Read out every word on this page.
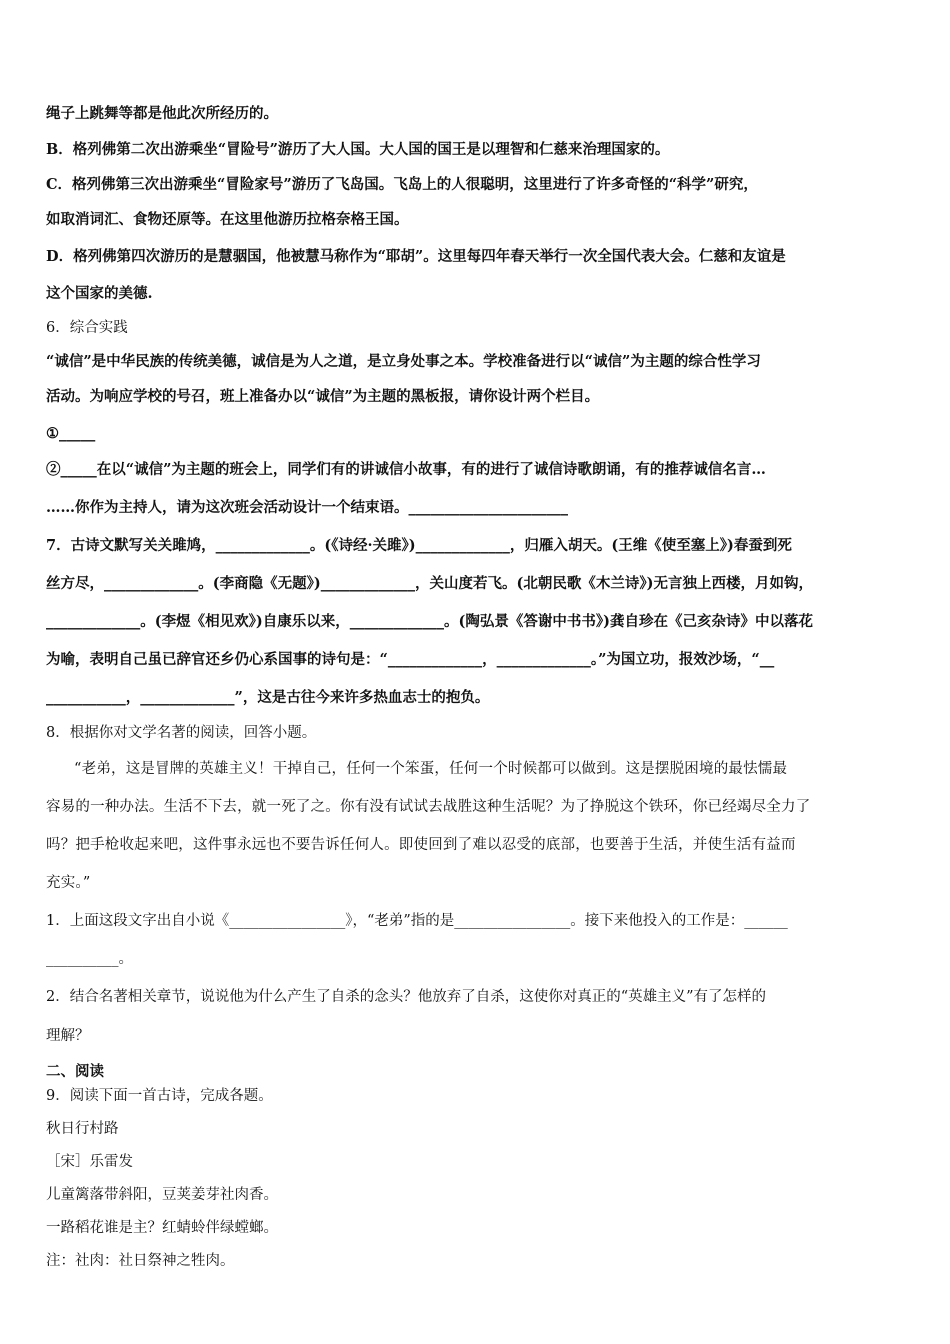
绳子上跳舞等都是他此次所经历的。

B．格列佛第二次出游乘坐“冒险号”游历了大人国。大人国的国王是以理智和仁慈来治理国家的。

C．格列佛第三次出游乘坐“冒险家号”游历了飞岛国。飞岛上的人很聪明，这里进行了许多奇怪的“科学”研究，

如取消词汇、食物还原等。在这里他游历拉格奈格王国。

D．格列佛第四次游历的是慧骃国，他被慧马称作为“耶胡”。这里每四年春天举行一次全国代表大会。仁慈和友谊是

这个国家的美德.

6．综合实践

“诚信”是中华民族的传统美德，诚信是为人之道，是立身处事之本。学校准备进行以“诚信”为主题的综合性学习

活动。为响应学校的号召，班上准备办以“诚信”为主题的黑板报，请你设计两个栏目。

①_____

②_____在以“诚信”为主题的班会上，同学们有的讲诚信小故事，有的进行了诚信诗歌朗诵，有的推荐诚信名言…

……你作为主持人，请为这次班会活动设计一个结束语。______________________

7．古诗文默写关关雎鸠，_____________。(《诗经·关雎》)_____________，归雁入胡天。(王维《使至塞上》)春蚕到死

丝方尽，_____________。(李商隐《无题》)_____________，关山度若飞。(北朝民歌《木兰诗》)无言独上西楼，月如钩，

_____________。(李煜《相见欢》)自康乐以来，_____________。(陶弘景《答谢中书书》)龚自珍在《己亥杂诗》中以落花

为喻，表明自己虽已辞官还乡仍心系国事的诗句是：“_____________，_____________。”为国立功，报效沙场，“__

___________，_____________”，这是古往今来许多热血志士的抱负。

8．根据你对文学名著的阅读，回答小题。

“老弟，这是冒牌的英雄主义！干掉自己，任何一个笨蛋，任何一个时候都可以做到。这是摆脱困境的最怯懦最

容易的一种办法。生活不下去，就一死了之。你有没有试试去战胜这种生活呢？为了挣脱这个铁环，你已经竭尽全力了

吗？把手枪收起来吧，这件事永远也不要告诉任何人。即使回到了难以忍受的底部，也要善于生活，并使生活有益而

充实。”

1．上面这段文字出自小说《________________》，“老弟”指的是________________。接下来他投入的工作是：______

__________。

2．结合名著相关章节，说说他为什么产生了自杀的念头？他放弃了自杀，这使你对真正的“英雄主义”有了怎样的

理解？

二、阅读

9．阅读下面一首古诗，完成各题。

秋日行村路

［宋］乐雷发

儿童篱落带斜阳，豆荚姜芽社肉香。

一路稻花谁是主？红蜻蛉伴绿螳螂。

注：社肉：社日祭神之牲肉。
